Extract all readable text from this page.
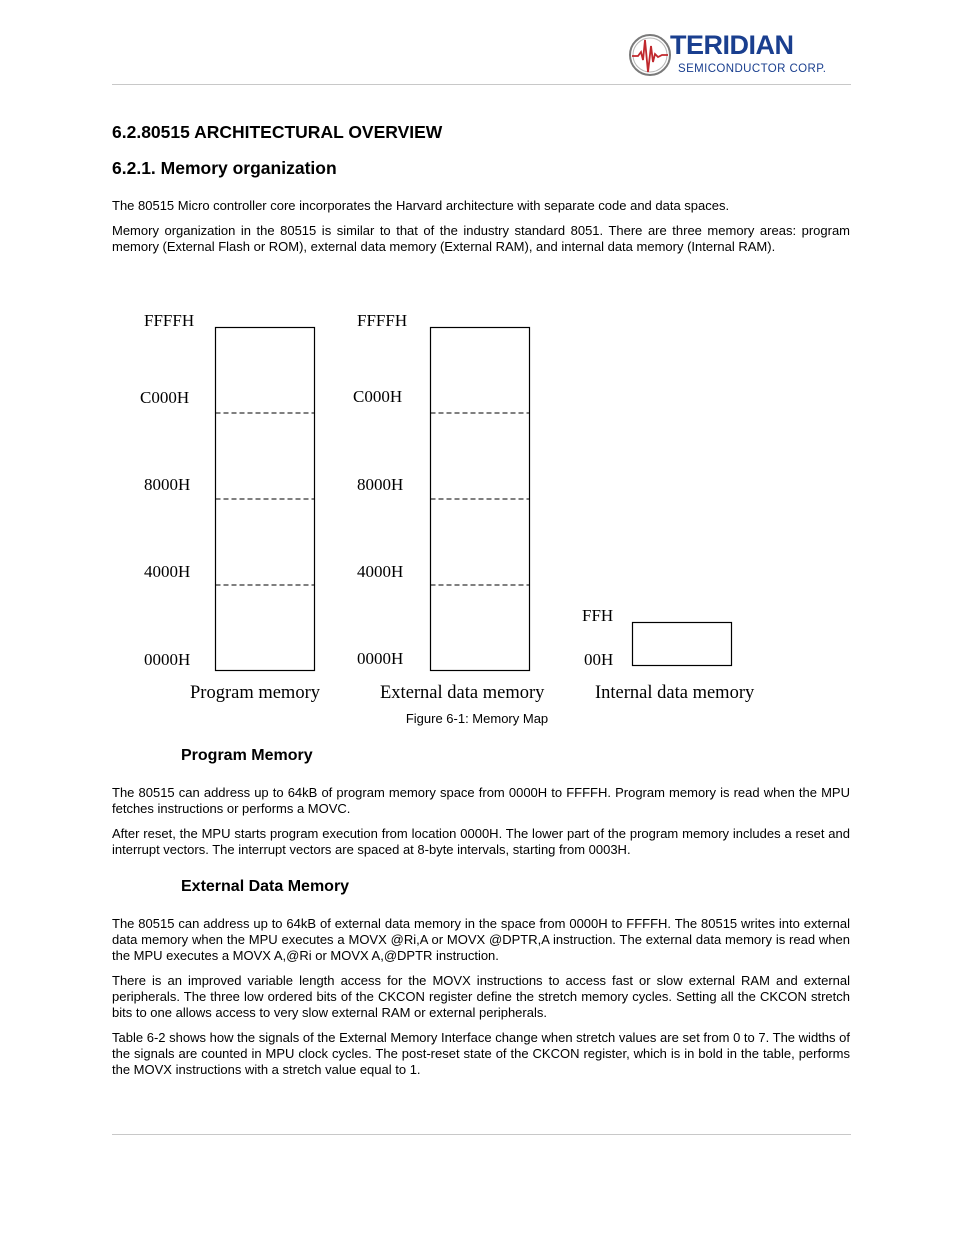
TERIDIAN
SEMICONDUCTOR CORP.
6.2.80515 ARCHITECTURAL OVERVIEW
6.2.1. Memory organization

The 80515 Micro controller core incorporates the Harvard architecture with separate code and data spaces.

Memory organization in the 80515 is similar to that of the industry standard 8051. There are three memory areas: program memory (External Flash or ROM), external data memory (External RAM), and internal data memory (Internal RAM).

FFFFH
C000H
8000H
4000H
0000H
FFFFH
C000H
8000H
4000H
0000H
FFH
00H
Program memory	External data memory	Internal data memory
Figure 6-1: Memory Map
Program Memory

The 80515 can address up to 64kB of program memory space from 0000H to FFFFH. Program memory is read when the MPU fetches instructions or performs a MOVC.

After reset, the MPU starts program execution from location 0000H. The lower part of the program memory includes a reset and interrupt vectors. The interrupt vectors are spaced at 8-byte intervals, starting from 0003H.

External Data Memory

The 80515 can address up to 64kB of external data memory in the space from 0000H to FFFFH. The 80515 writes into external data memory when the MPU executes a MOVX @Ri,A or MOVX @DPTR,A instruction. The external data memory is read when the MPU executes a MOVX A,@Ri or MOVX A,@DPTR instruction.

There is an improved variable length access for the MOVX instructions to access fast or slow external RAM and external peripherals. The three low ordered bits of the CKCON register define the stretch memory cycles. Setting all the CKCON stretch bits to one allows access to very slow external RAM or external peripherals.

Table 6-2 shows how the signals of the External Memory Interface change when stretch values are set from 0 to 7. The widths of the signals are counted in MPU clock cycles. The post-reset state of the CKCON register, which is in bold in the table, performs the MOVX instructions with a stretch value equal to 1.
